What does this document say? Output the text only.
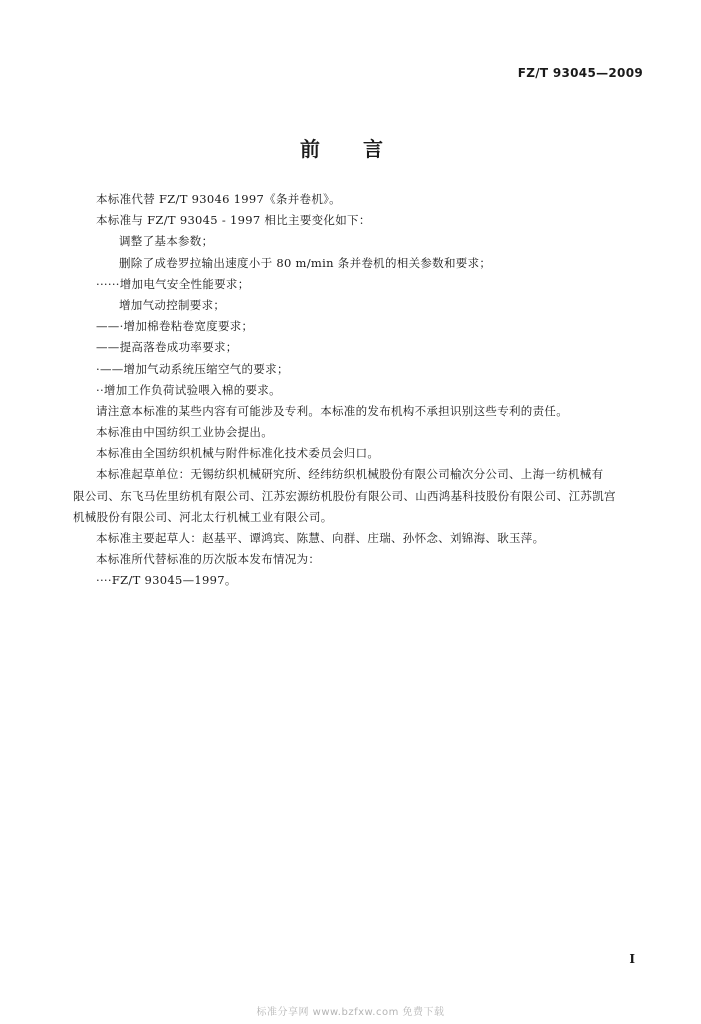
FZ/T 93045—2009
前 言
本标准代替 FZ/T 93046 1997《条并卷机》。
本标准与 FZ/T 93045 - 1997 相比主要变化如下：
调整了基本参数；
删除了成卷罗拉输出速度小于 80 m/min 条并卷机的相关参数和要求；
······增加电气安全性能要求；
增加气动控制要求；
——·增加棉卷粘卷宽度要求；
——提高落卷成功率要求；
·——增加气动系统压缩空气的要求；
··增加工作负荷试验喂入棉的要求。
请注意本标准的某些内容有可能涉及专利。本标准的发布机构不承担识别这些专利的责任。
本标准由中国纺织工业协会提出。
本标准由全国纺织机械与附件标准化技术委员会归口。
本标准起草单位：无锡纺织机械研究所、经纬纺织机械股份有限公司榆次分公司、上海一纺机械有
限公司、东飞马佐里纺机有限公司、江苏宏源纺机股份有限公司、山西鸿基科技股份有限公司、江苏凯宫
机械股份有限公司、河北太行机械工业有限公司。
本标准主要起草人：赵基平、谭鸿宾、陈慧、向群、庄瑞、孙怀念、刘锦海、耿玉萍。
本标准所代替标准的历次版本发布情况为：
····FZ/T 93045—1997。
I
标准分享网 www.bzfxw.com 免费下载
